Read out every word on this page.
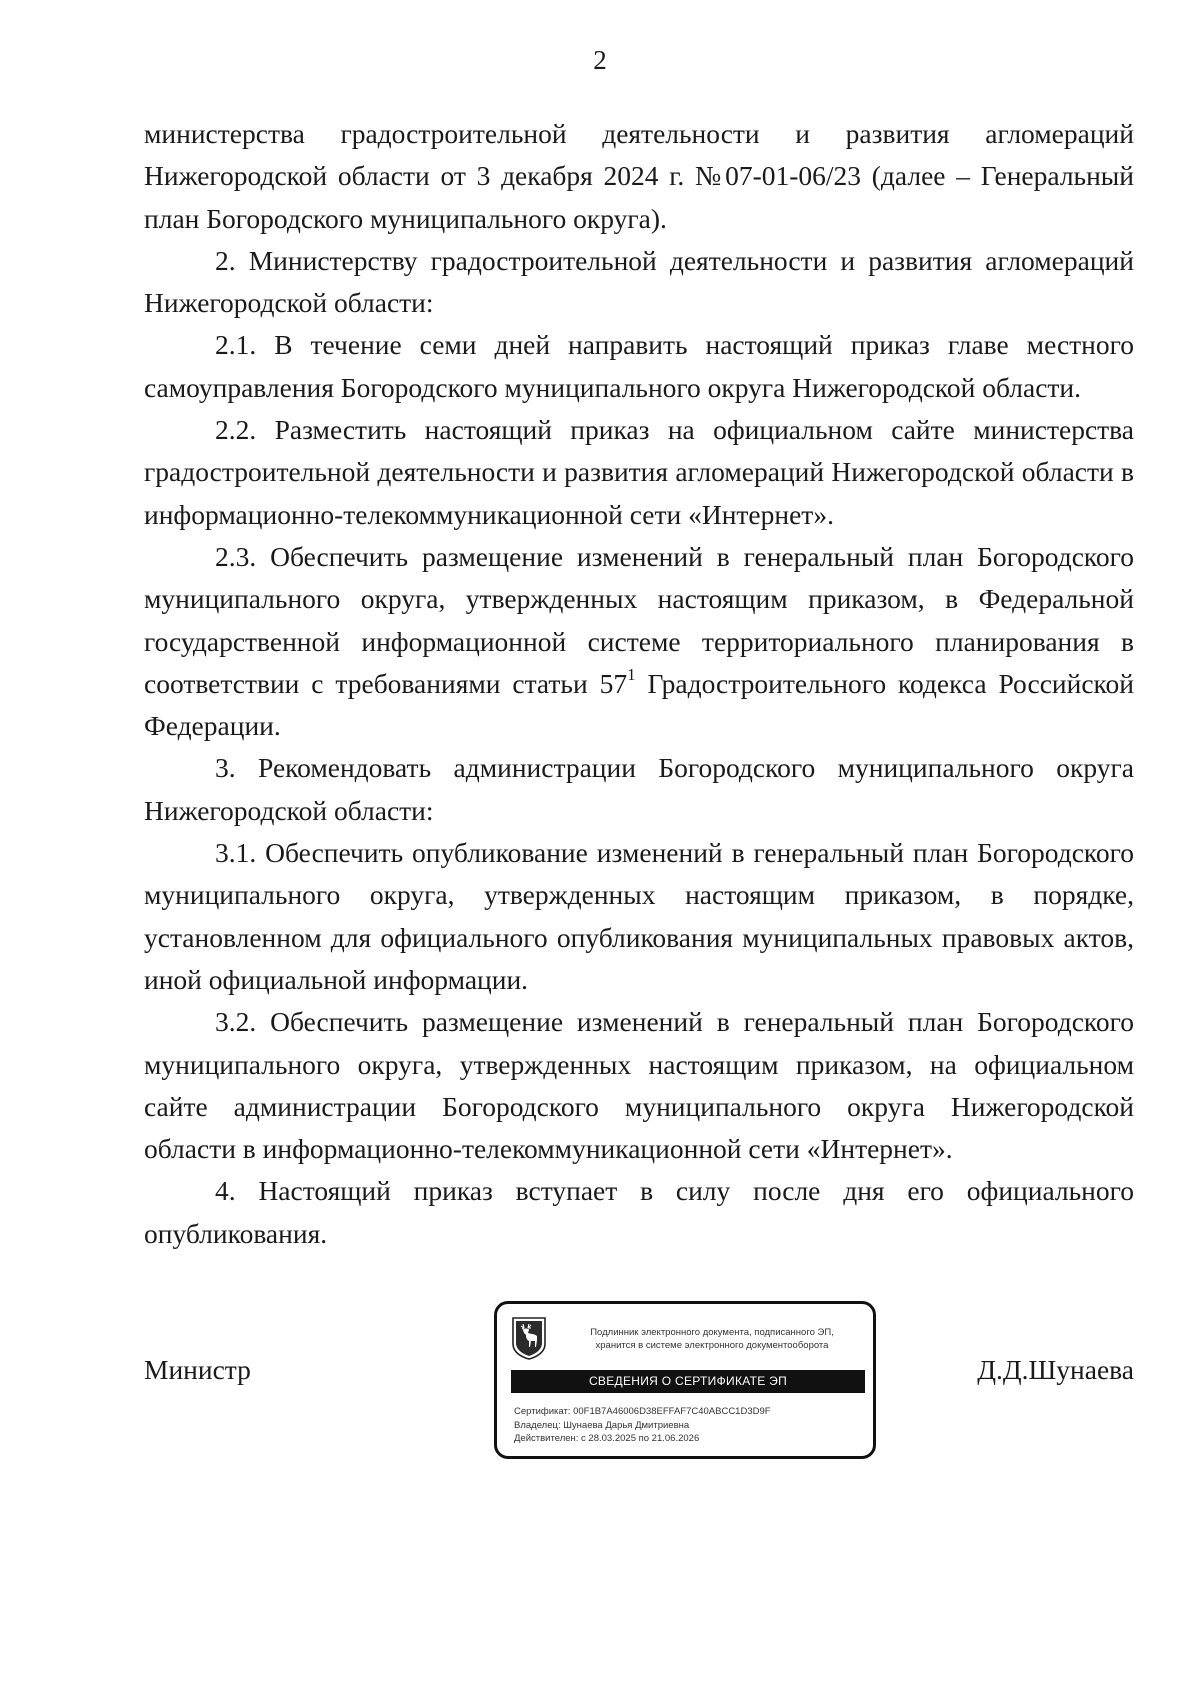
2

министерства градостроительной деятельности и развития агломераций Нижегородской области от 3 декабря 2024 г. №07-01-06/23 (далее – Генеральный план Богородского муниципального округа).

2. Министерству градостроительной деятельности и развития агломераций Нижегородской области:

2.1. В течение семи дней направить настоящий приказ главе местного самоуправления Богородского муниципального округа Нижегородской области.

2.2. Разместить настоящий приказ на официальном сайте министерства градостроительной деятельности и развития агломераций Нижегородской области в информационно-телекоммуникационной сети «Интернет».

2.3. Обеспечить размещение изменений в генеральный план Богородского муниципального округа, утвержденных настоящим приказом, в Федеральной государственной информационной системе территориального планирования в соответствии с требованиями статьи $57^1$ Градостроительного кодекса Российской Федерации.

3. Рекомендовать администрации Богородского муниципального округа Нижегородской области:

3.1. Обеспечить опубликование изменений в генеральный план Богородского муниципального округа, утвержденных настоящим приказом, в порядке, установленном для официального опубликования муниципальных правовых актов, иной официальной информации.

3.2. Обеспечить размещение изменений в генеральный план Богородского муниципального округа, утвержденных настоящим приказом, на официальном сайте администрации Богородского муниципального округа Нижегородской области в информационно-телекоммуникационной сети «Интернет».

4. Настоящий приказ вступает в силу после дня его официального опубликования.

Министр	Д.Д.Шунаева
Подлинник электронного документа, подписанного ЭП,
хранится в системе электронного документооборота
СВЕДЕНИЯ О СЕРТИФИКАТЕ ЭП
Сертификат: 00F1B7A46006D38EFFAF7C40ABCC1D3D9F
Владелец: Шунаева Дарья Дмитриевна
Действителен: с 28.03.2025 по 21.06.2026
